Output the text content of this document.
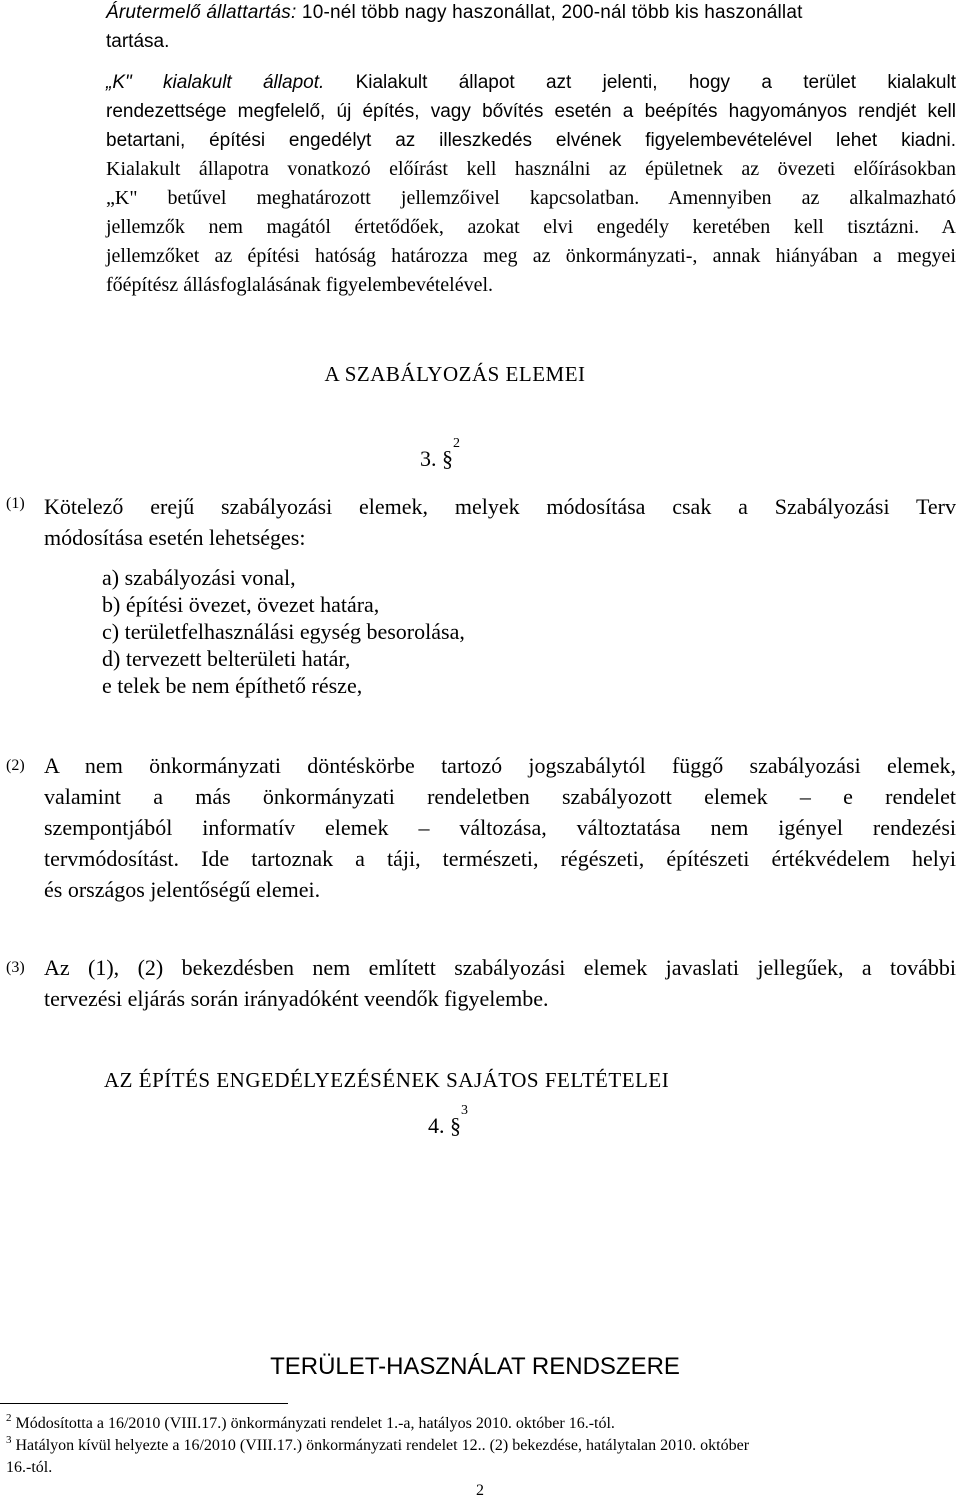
Árutermelő állattartás: 10-nél több nagy haszonállat, 200-nál több kis haszonállat
tartása.
„K" kialakult állapot. Kialakult állapot azt jelenti, hogy a terület kialakult
rendezettsége megfelelő, új építés, vagy bővítés esetén a beépítés hagyományos rendjét kell
betartani, építési engedélyt az illeszkedés elvének figyelembevételével lehet kiadni.
Kialakult állapotra vonatkozó előírást kell használni az épületnek az övezeti előírásokban
„K" betűvel meghatározott jellemzőivel kapcsolatban. Amennyiben az alkalmazható
jellemzők nem magától értetődőek, azokat elvi engedély keretében kell tisztázni. A
jellemzőket az építési hatóság határozza meg az önkormányzati-, annak hiányában a megyei
főépítész állásfoglalásának figyelembevételével.
A SZABÁLYOZÁS ELEMEI
3. §$^2$
(1) Kötelező erejű szabályozási elemek, melyek módosítása csak a Szabályozási Terv
módosítása esetén lehetséges:
a) szabályozási vonal,
b) építési övezet, övezet határa,
c) területfelhasználási egység besorolása,
d) tervezett belterületi határ,
e telek be nem építhető része,
(2) A nem önkormányzati döntéskörbe tartozó jogszabálytól függő szabályozási elemek,
valamint a más önkormányzati rendeletben szabályozott elemek – e rendelet
szempontjából informatív elemek – változása, változtatása nem igényel rendezési
tervmódosítást. Ide tartoznak a táji, természeti, régészeti, építészeti értékvédelem helyi
és országos jelentőségű elemei.
(3) Az (1), (2) bekezdésben nem említett szabályozási elemek javaslati jellegűek, a további
tervezési eljárás során irányadóként veendők figyelembe.
AZ ÉPÍTÉS ENGEDÉLYEZÉSÉNEK SAJÁTOS FELTÉTELEI
4. §$^3$
TERÜLET-HASZNÁLAT RENDSZERE
$^2$ Módosította a 16/2010 (VIII.17.) önkormányzati rendelet 1.-a, hatályos 2010. október 16.-tól.
$^3$ Hatályon kívül helyezte a 16/2010 (VIII.17.) önkormányzati rendelet 12.. (2) bekezdése, hatálytalan 2010. október
16.-tól.
2
